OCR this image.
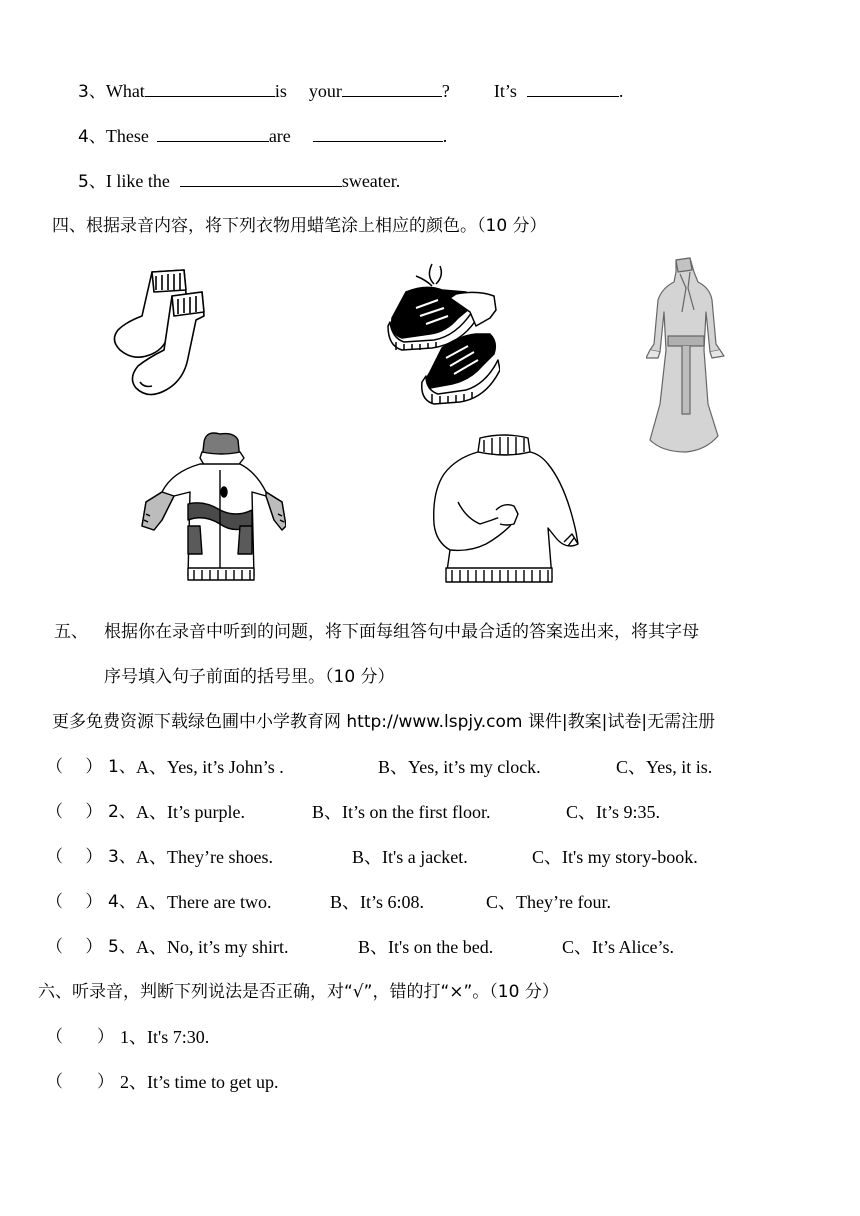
3、What	is your	? It’s	.
4、These	are	.
5、I like the	sweater.
四、根据录音内容，将下列衣物用蜡笔涂上相应的颜色。（10 分）
五、 根据你在录音中听到的问题，将下面每组答句中最合适的答案选出来，将其字母
序号填入句子前面的括号里。（10 分）
更多免费资源下载绿色圃中小学教育网 http://www.lspjy.com 课件|教案|试卷|无需注册
（　 ） 1、 A、Yes, it’s John’s .	B、Yes, it’s my clock.	C、Yes, it is.
（　 ） 2、 A、It’s purple.	B、It’s on the first floor.	C、It’s 9:35.
（　 ） 3、 A、They’re shoes.	B、It's a jacket.	C、It's my story-book.
（　 ） 4、 A、There are two.	B、It’s 6:08.	C、They’re four.
（　 ） 5、 A、No, it’s my shirt.	B、It's on the bed.	C、It’s Alice’s.
六、听录音，判断下列说法是否正确，对“√”，错的打“×”。（10 分）
（　　） 1、It's 7:30.
（　　） 2、It’s time to get up.
